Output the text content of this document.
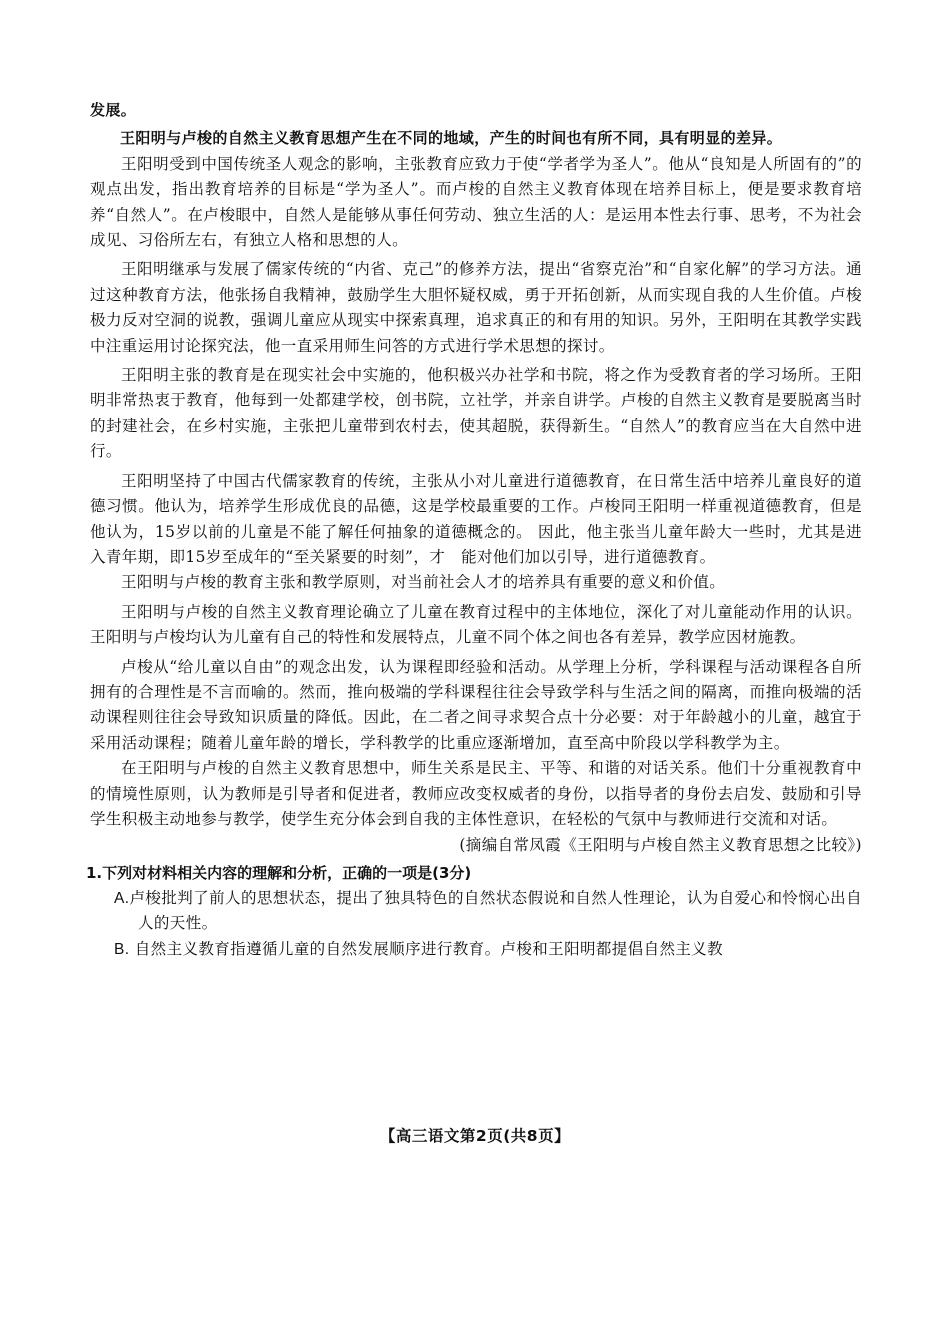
发展。

王阳明与卢梭的自然主义教育思想产生在不同的地域，产生的时间也有所不同，具有明显的差异。

王阳明受到中国传统圣人观念的影响，主张教育应致力于使“学者学为圣人”。他从“良知是人所固有的”的观点出发，指出教育培养的目标是“学为圣人”。而卢梭的自然主义教育体现在培养目标上，便是要求教育培养“自然人”。在卢梭眼中，自然人是能够从事任何劳动、独立生活的人：是运用本性去行事、思考，不为社会成见、习俗所左右，有独立人格和思想的人。

王阳明继承与发展了儒家传统的“内省、克己”的修养方法，提出“省察克治”和“自家化解”的学习方法。通过这种教育方法，他张扬自我精神，鼓励学生大胆怀疑权威，勇于开拓创新，从而实现自我的人生价值。卢梭极力反对空洞的说教，强调儿童应从现实中探索真理，追求真正的和有用的知识。另外，王阳明在其教学实践中注重运用讨论探究法，他一直采用师生问答的方式进行学术思想的探讨。

王阳明主张的教育是在现实社会中实施的，他积极兴办社学和书院，将之作为受教育者的学习场所。王阳明非常热衷于教育，他每到一处都建学校，创书院，立社学，并亲自讲学。卢梭的自然主义教育是要脱离当时的封建社会，在乡村实施，主张把儿童带到农村去，使其超脱，获得新生。“自然人”的教育应当在大自然中进行。

王阳明坚持了中国古代儒家教育的传统，主张从小对儿童进行道德教育，在日常生活中培养儿童良好的道德习惯。他认为，培养学生形成优良的品德，这是学校最重要的工作。卢梭同王阳明一样重视道德教育，但是他认为，15岁以前的儿童是不能了解任何抽象的道德概念的。 因此，他主张当儿童年龄大一些时，尤其是进入青年期，即15岁至成年的“至关紧要的时刻”，才　能对他们加以引导，进行道德教育。

王阳明与卢梭的教育主张和教学原则，对当前社会人才的培养具有重要的意义和价值。

王阳明与卢梭的自然主义教育理论确立了儿童在教育过程中的主体地位，深化了对儿童能动作用的认识。王阳明与卢梭均认为儿童有自己的特性和发展特点，儿童不同个体之间也各有差异，教学应因材施教。

卢梭从“给儿童以自由”的观念出发，认为课程即经验和活动。从学理上分析，学科课程与活动课程各自所拥有的合理性是不言而喻的。然而，推向极端的学科课程往往会导致学科与生活之间的隔离，而推向极端的活动课程则往往会导致知识质量的降低。因此，在二者之间寻求契合点十分必要：对于年龄越小的儿童，越宜于采用活动课程；随着儿童年龄的增长，学科教学的比重应逐渐增加，直至高中阶段以学科教学为主。

在王阳明与卢梭的自然主义教育思想中，师生关系是民主、平等、和谐的对话关系。他们十分重视教育中的情境性原则，认为教师是引导者和促进者，教师应改变权威者的身份，以指导者的身份去启发、鼓励和引导学生积极主动地参与教学，使学生充分体会到自我的主体性意识，在轻松的气氛中与教师进行交流和对话。

(摘编自常凤霞《王阳明与卢梭自然主义教育思想之比较》)

1.下列对材料相关内容的理解和分析，正确的一项是(3分)
A.卢梭批判了前人的思想状态，提出了独具特色的自然状态假说和自然人性理论，认为自爱心和怜悯心出自人的天性。
B. 自然主义教育指遵循儿童的自然发展顺序进行教育。卢梭和王阳明都提倡自然主义教
【高三语文第2页(共8页】
